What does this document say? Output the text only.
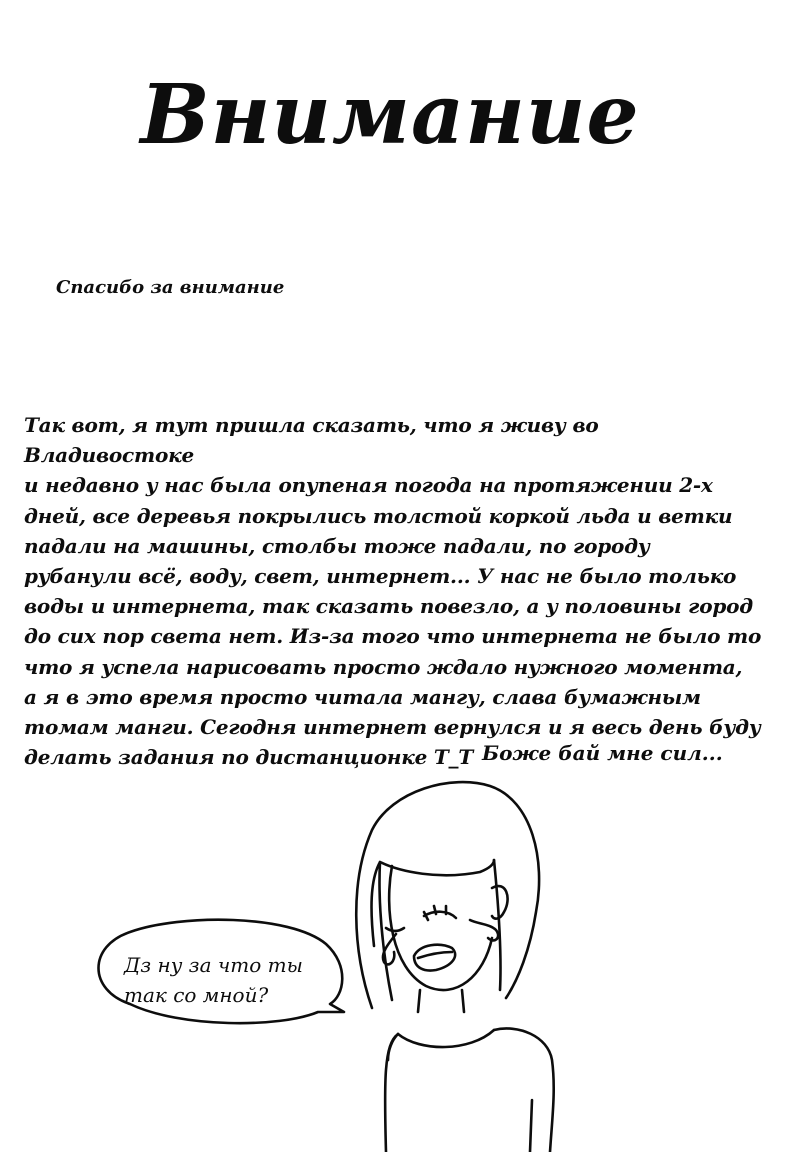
Внимание

Спасибо за внимание

Так вот, я тут пришла сказать, что я живу во Владивостоке
и недавно у нас была опупеная погода на протяжении 2-х
дней, все деревья покрылись толстой коркой льда и ветки
падали на машины, столбы тоже падали, по городу
рубанули всё, воду, свет, интернет... У нас не было только
воды и интернета, так сказать повезло, а у половины город
до сих пор света нет. Из-за того что интернета не было то
что я успела нарисовать просто ждало нужного момента,
а я в это время просто читала мангу, слава бумажным
томам манги. Сегодня интернет вернулся и я весь день буду
делать задания по дистанционке Т_Т Боже бай мне сил...

Дз ну за что ты
так со мной?
